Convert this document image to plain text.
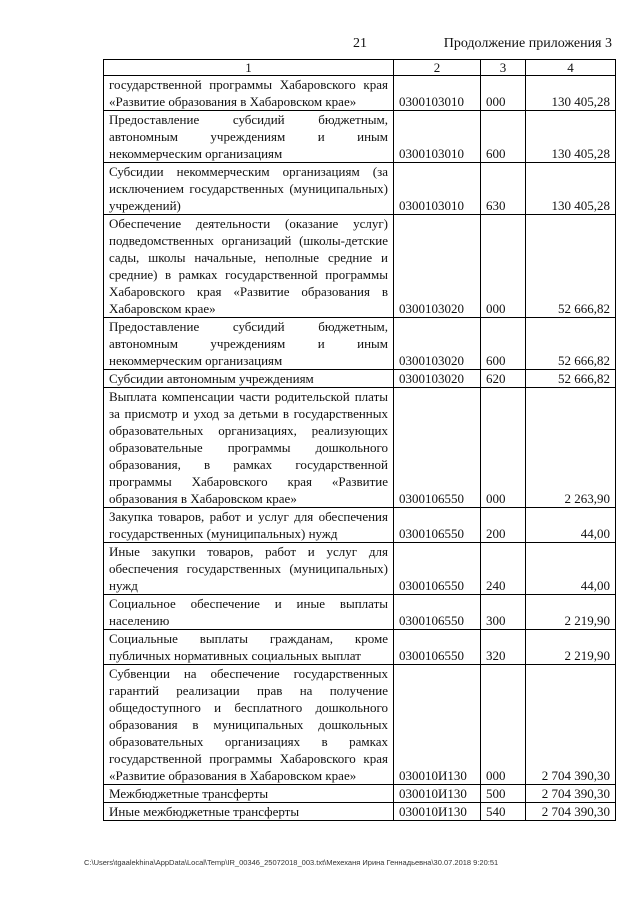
21	Продолжение приложения 3
1	2	3	4
государственной программы Хабаровского края «Развитие образования в Хабаровском крае»	0300103010	000	130 405,28
Предоставление субсидий бюджетным, автономным учреждениям и иным некоммерческим организациям	0300103010	600	130 405,28
Субсидии некоммерческим организациям (за исключением государственных (муниципальных) учреждений)	0300103010	630	130 405,28
Обеспечение деятельности (оказание услуг) подведомственных организаций (школы-детские сады, школы начальные, неполные средние и средние) в рамках государственной программы Хабаровского края «Развитие образования в Хабаровском крае»	0300103020	000	52 666,82
Предоставление субсидий бюджетным, автономным учреждениям и иным некоммерческим организациям	0300103020	600	52 666,82
Субсидии автономным учреждениям	0300103020	620	52 666,82
Выплата компенсации части родительской платы за присмотр и уход за детьми в государственных образовательных организациях, реализующих образовательные программы дошкольного образования, в рамках государственной программы Хабаровского края «Развитие образования в Хабаровском крае»	0300106550	000	2 263,90
Закупка товаров, работ и услуг для обеспечения государственных (муниципальных) нужд	0300106550	200	44,00
Иные закупки товаров, работ и услуг для обеспечения государственных (муниципальных) нужд	0300106550	240	44,00
Социальное обеспечение и иные выплаты населению	0300106550	300	2 219,90
Социальные выплаты гражданам, кроме публичных нормативных социальных выплат	0300106550	320	2 219,90
Субвенции на обеспечение государственных гарантий реализации прав на получение общедоступного и бесплатного дошкольного образования в муниципальных дошкольных образовательных организациях в рамках государственной программы Хабаровского края «Развитие образования в Хабаровском крае»	030010И130	000	2 704 390,30
Межбюджетные трансферты	030010И130	500	2 704 390,30
Иные межбюджетные трансферты	030010И130	540	2 704 390,30
C:\Users\tgaalekhina\AppData\Local\Temp\IR_00346_25072018_003.txt\Мехеханя Ирина Геннадьевна\30.07.2018 9:20:51
